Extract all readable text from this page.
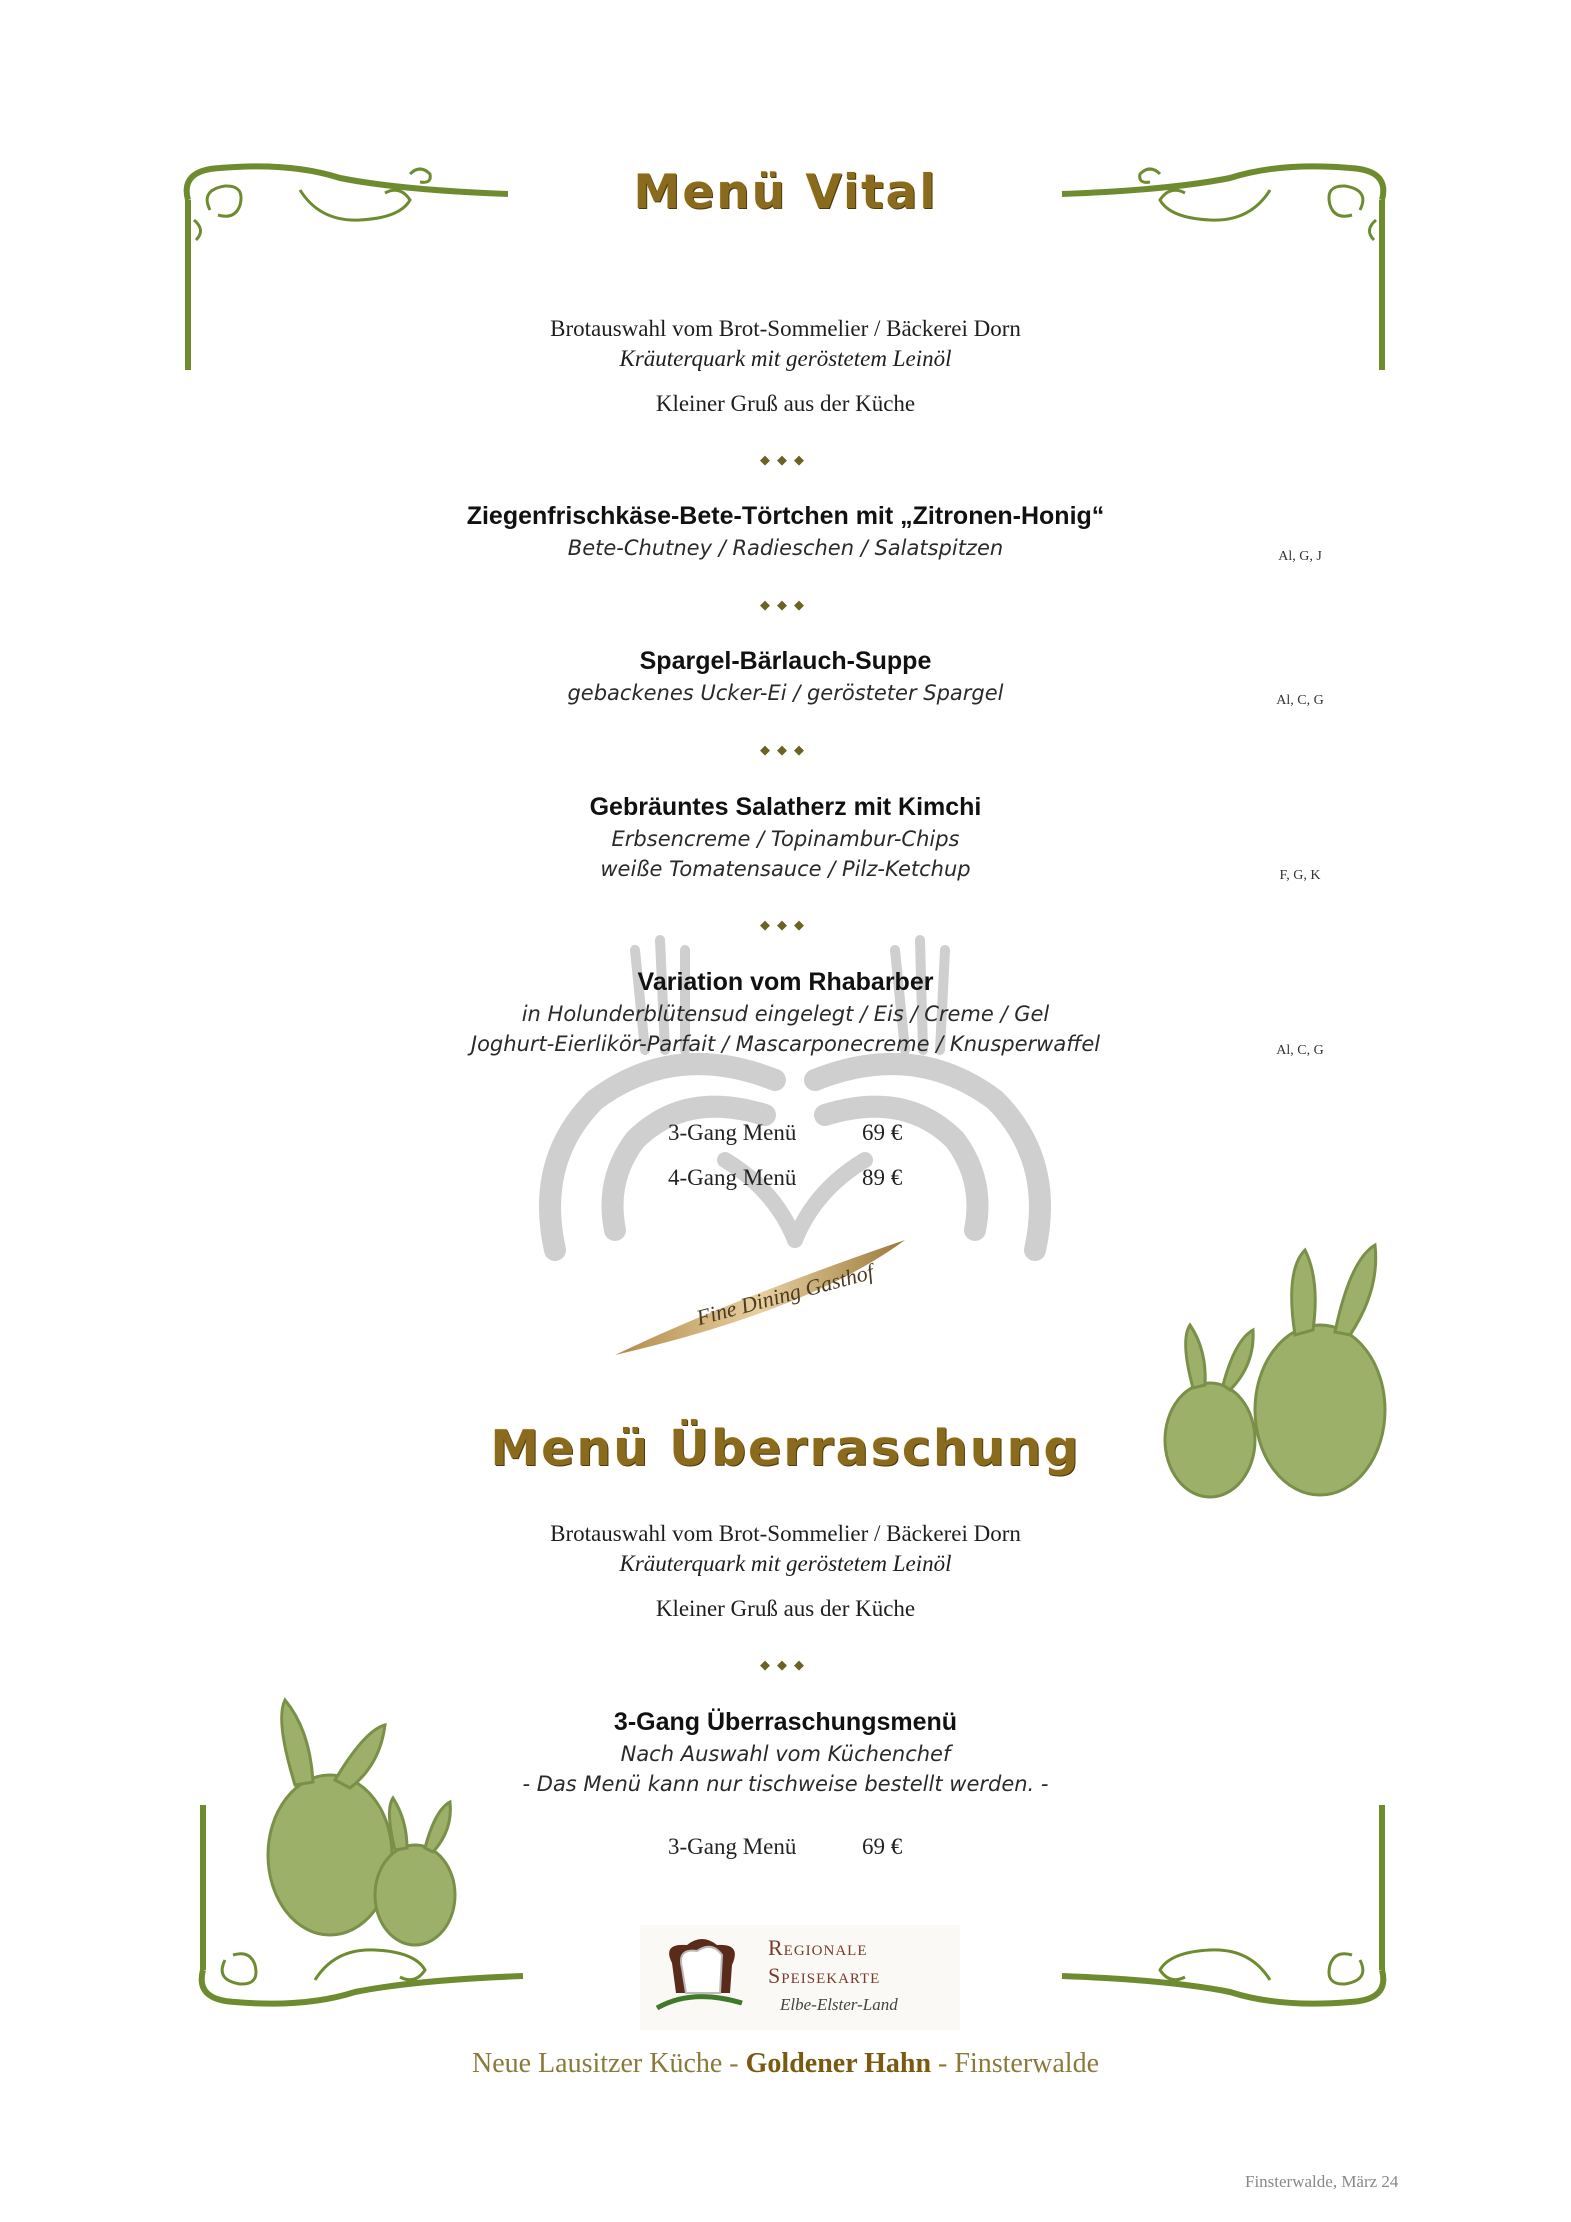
Menü Vital
Brotauswahl vom Brot-Sommelier / Bäckerei Dorn
Kräuterquark mit geröstetem Leinöl
Kleiner Gruß aus der Küche
◆◆◆
Ziegenfrischkäse-Bete-Törtchen mit „Zitronen-Honig“
Bete-Chutney / Radieschen / Salatspitzen	Al, G, J
◆◆◆
Spargel-Bärlauch-Suppe
gebackenes Ucker-Ei / gerösteter Spargel	Al, C, G
◆◆◆
Gebräuntes Salatherz mit Kimchi
Erbsencreme / Topinambur-Chips
weiße Tomatensauce / Pilz-Ketchup	F, G, K
◆◆◆
Variation vom Rhabarber
in Holunderblütensud eingelegt / Eis / Creme / Gel
Joghurt-Eierlikör-Parfait / Mascarponecreme / Knusperwaffel	Al, C, G
3-Gang Menü	69 €
4-Gang Menü	89 €
Fine Dining Gasthof
Menü Überraschung
Brotauswahl vom Brot-Sommelier / Bäckerei Dorn
Kräuterquark mit geröstetem Leinöl
Kleiner Gruß aus der Küche
◆◆◆
3-Gang Überraschungsmenü
Nach Auswahl vom Küchenchef
- Das Menü kann nur tischweise bestellt werden. -
3-Gang Menü	69 €
Regionale
Speisekarte
Elbe-Elster-Land
Neue Lausitzer Küche - Goldener Hahn - Finsterwalde
Finsterwalde, März 24
